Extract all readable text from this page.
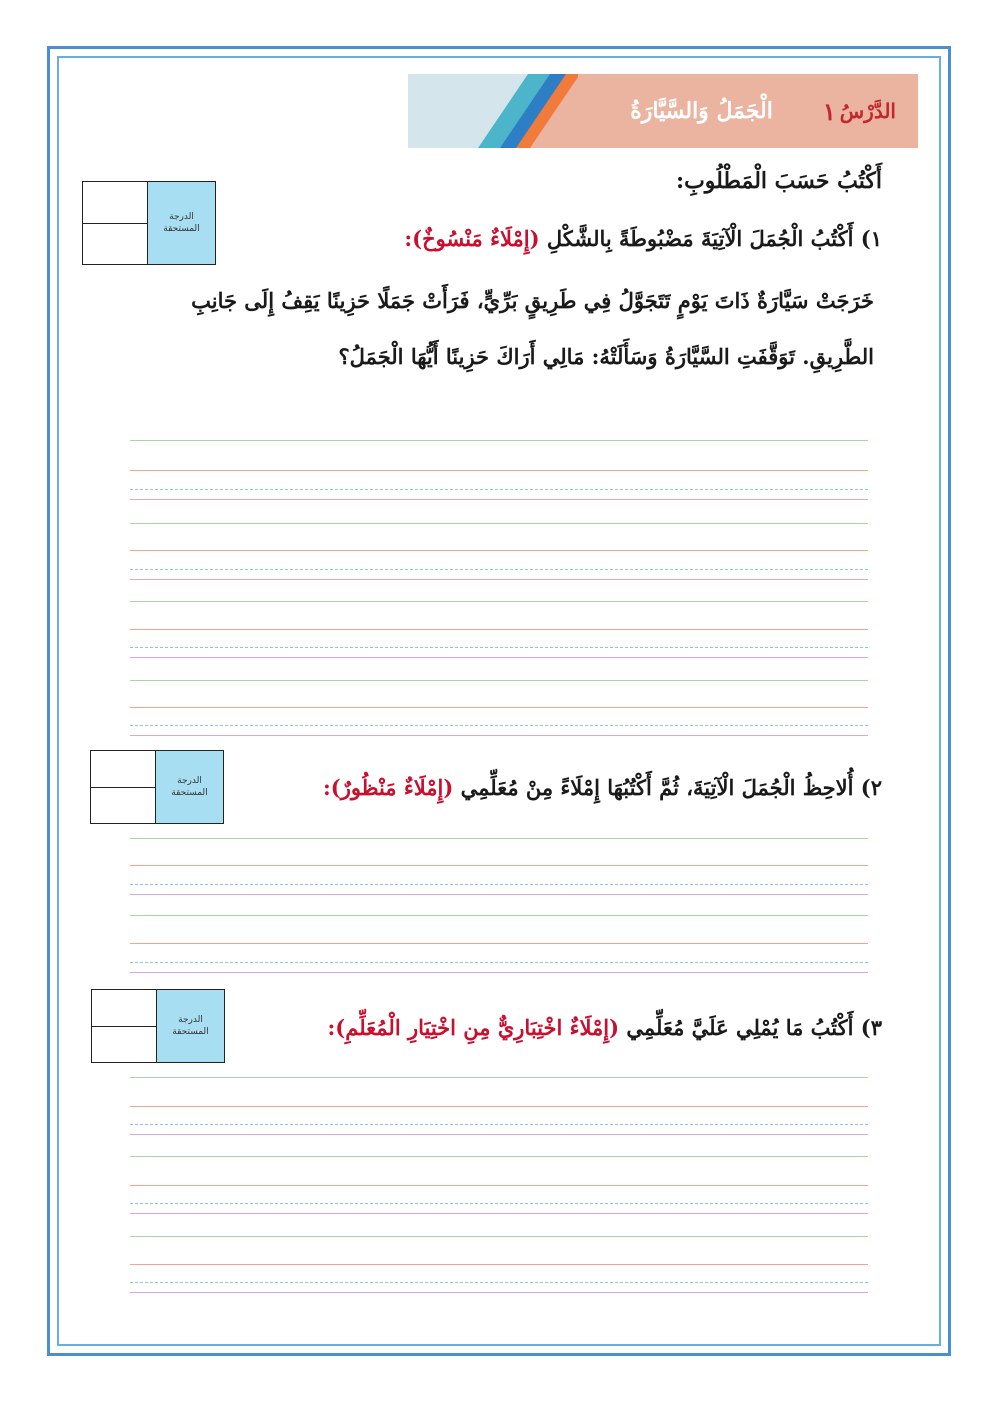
الدَّرْسُ
١
الْجَمَلُ وَالسَّيَّارَةُ
أَكْتُبُ حَسَبَ الْمَطْلُوبِ:
الدرجة المستحقة	١) أَكْتُبُ الْجُمَلَ الْآتِيَةَ مَضْبُوطَةً بِالشَّكْلِ (إِمْلَاءٌ مَنْسُوخٌ):
خَرَجَتْ سَيَّارَةٌ ذَاتَ يَوْمٍ تَتَجَوَّلُ فِي طَرِيقٍ بَرِّيٍّ، فَرَأَتْ جَمَلًا حَزِينًا يَقِفُ إِلَى جَانِبِ الطَّرِيقِ. تَوَقَّفَتِ السَّيَّارَةُ وَسَأَلَتْهُ: مَالِي أَرَاكَ حَزِينًا أَيُّهَا الْجَمَلُ؟
الدرجة المستحقة	٢) أُلاحِظُ الْجُمَلَ الْآتِيَةَ، ثُمَّ أَكْتُبُهَا إِمْلَاءً مِنْ مُعَلِّمِي (إِمْلَاءٌ مَنْظُورٌ):
الدرجة المستحقة	٣) أَكْتُبُ مَا يُمْلِي عَلَيَّ مُعَلِّمِي (إِمْلَاءٌ اخْتِبَارِيٌّ مِنِ اخْتِيَارِ الْمُعَلِّمِ):
